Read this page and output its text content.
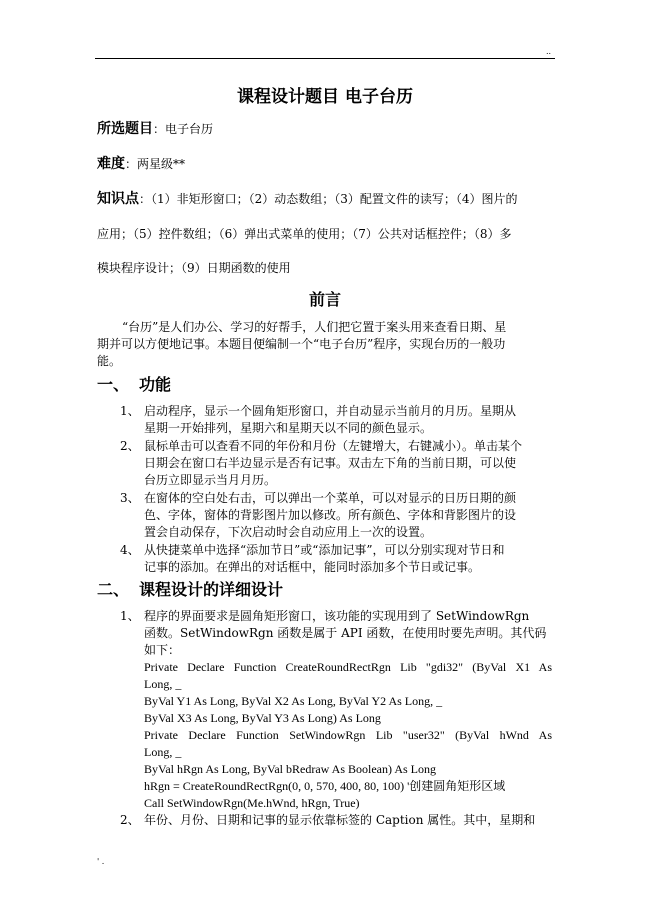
..
课程设计题目 电子台历
所选题目：电子台历
难度：两星级**
知识点：（1）非矩形窗口；（2）动态数组；（3）配置文件的读写；（4）图片的
应用；（5）控件数组；（6）弹出式菜单的使用；（7）公共对话框控件；（8）多
模块程序设计；（9）日期函数的使用
前言
“台历”是人们办公、学习的好帮手，人们把它置于案头用来查看日期、星
期并可以方便地记事。本题目便编制一个“电子台历”程序，实现台历的一般功
能。
一、 功能
1、 启动程序，显示一个圆角矩形窗口，并自动显示当前月的月历。星期从
星期一开始排列，星期六和星期天以不同的颜色显示。
2、 鼠标单击可以查看不同的年份和月份（左键增大，右键减小）。单击某个
日期会在窗口右半边显示是否有记事。双击左下角的当前日期，可以使
台历立即显示当月月历。
3、 在窗体的空白处右击，可以弹出一个菜单，可以对显示的日历日期的颜
色、字体，窗体的背影图片加以修改。所有颜色、字体和背影图片的设
置会自动保存，下次启动时会自动应用上一次的设置。
4、 从快捷菜单中选择“添加节日”或“添加记事”，可以分别实现对节日和
记事的添加。在弹出的对话框中，能同时添加多个节日或记事。
二、 课程设计的详细设计
1、 程序的界面要求是圆角矩形窗口，该功能的实现用到了 SetWindowRgn
函数。SetWindowRgn 函数是属于 API 函数，在使用时要先声明。其代码
如下：
Private Declare Function CreateRoundRectRgn Lib "gdi32" (ByVal X1 As
Long, _
ByVal Y1 As Long, ByVal X2 As Long, ByVal Y2 As Long, _
ByVal X3 As Long, ByVal Y3 As Long) As Long
Private Declare Function SetWindowRgn Lib "user32" (ByVal hWnd As
Long, _
ByVal hRgn As Long, ByVal bRedraw As Boolean) As Long
hRgn = CreateRoundRectRgn(0, 0, 570, 400, 80, 100) '创建圆角矩形区域
Call SetWindowRgn(Me.hWnd, hRgn, True)
2、 年份、月份、日期和记事的显示依靠标签的 Caption 属性。其中，星期和
' .
